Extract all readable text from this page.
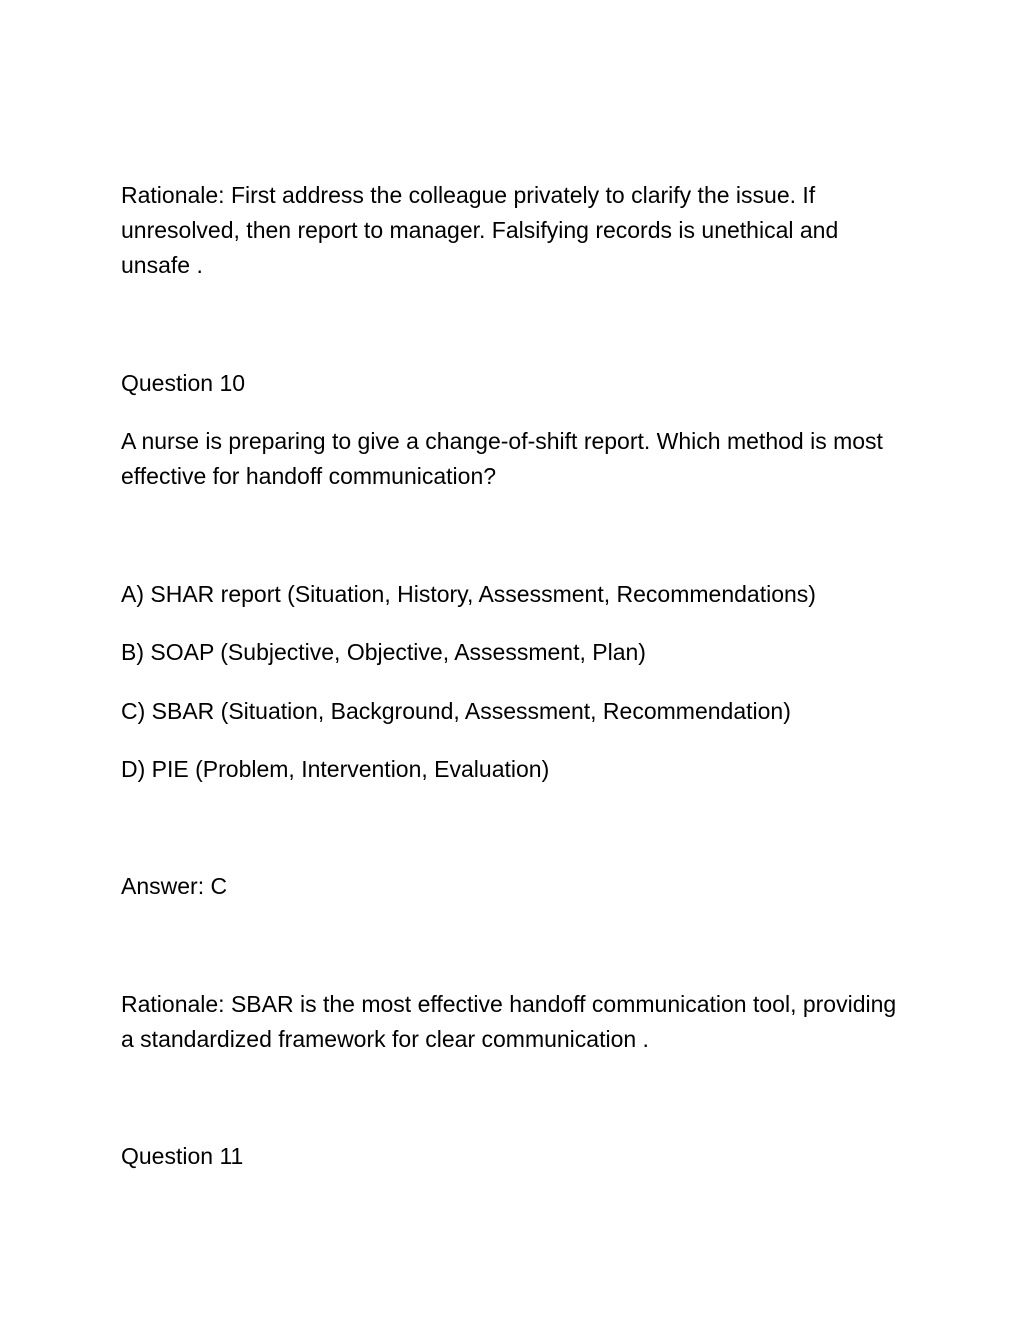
Rationale: First address the colleague privately to clarify the issue. If unresolved, then report to manager. Falsifying records is unethical and unsafe .

Question 10

A nurse is preparing to give a change-of-shift report. Which method is most effective for handoff communication?

A) SHAR report (Situation, History, Assessment, Recommendations)

B) SOAP (Subjective, Objective, Assessment, Plan)

C) SBAR (Situation, Background, Assessment, Recommendation)

D) PIE (Problem, Intervention, Evaluation)

Answer: C

Rationale: SBAR is the most effective handoff communication tool, providing a standardized framework for clear communication .

Question 11
